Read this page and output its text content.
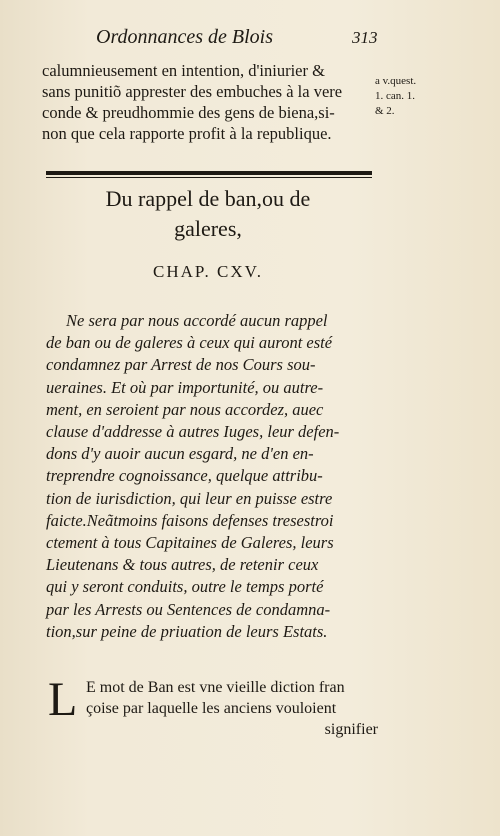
Ordonnances de Blois	313
calumnieusement en intention, d'iniurier &
sans punitiõ apprester des embuches à la vere
conde & preudhommie des gens de biena,si-
non que cela rapporte profit à la republique.
a v.quest.
1. can. 1.
& 2.
Du rappel de ban,ou de
galeres,
CHAP. CXV.
Ne sera par nous accordé aucun rappel
de ban ou de galeres à ceux qui auront esté
condamnez par Arrest de nos Cours sou-
ueraines. Et où par importunité, ou autre-
ment, en seroient par nous accordez, auec
clause d'addresse à autres Iuges, leur defen-
dons d'y auoir aucun esgard, ne d'en en-
treprendre cognoissance, quelque attribu-
tion de iurisdiction, qui leur en puisse estre
faicte.Neãtmoins faisons defenses tresestroi
ctement à tous Capitaines de Galeres, leurs
Lieutenans & tous autres, de retenir ceux
qui y seront conduits, outre le temps porté
par les Arrests ou Sentences de condamna-
tion,sur peine de priuation de leurs Estats.
L E mot de Ban est vne vieille diction fran
çoise par laquelle les anciens vouloient
signifier
